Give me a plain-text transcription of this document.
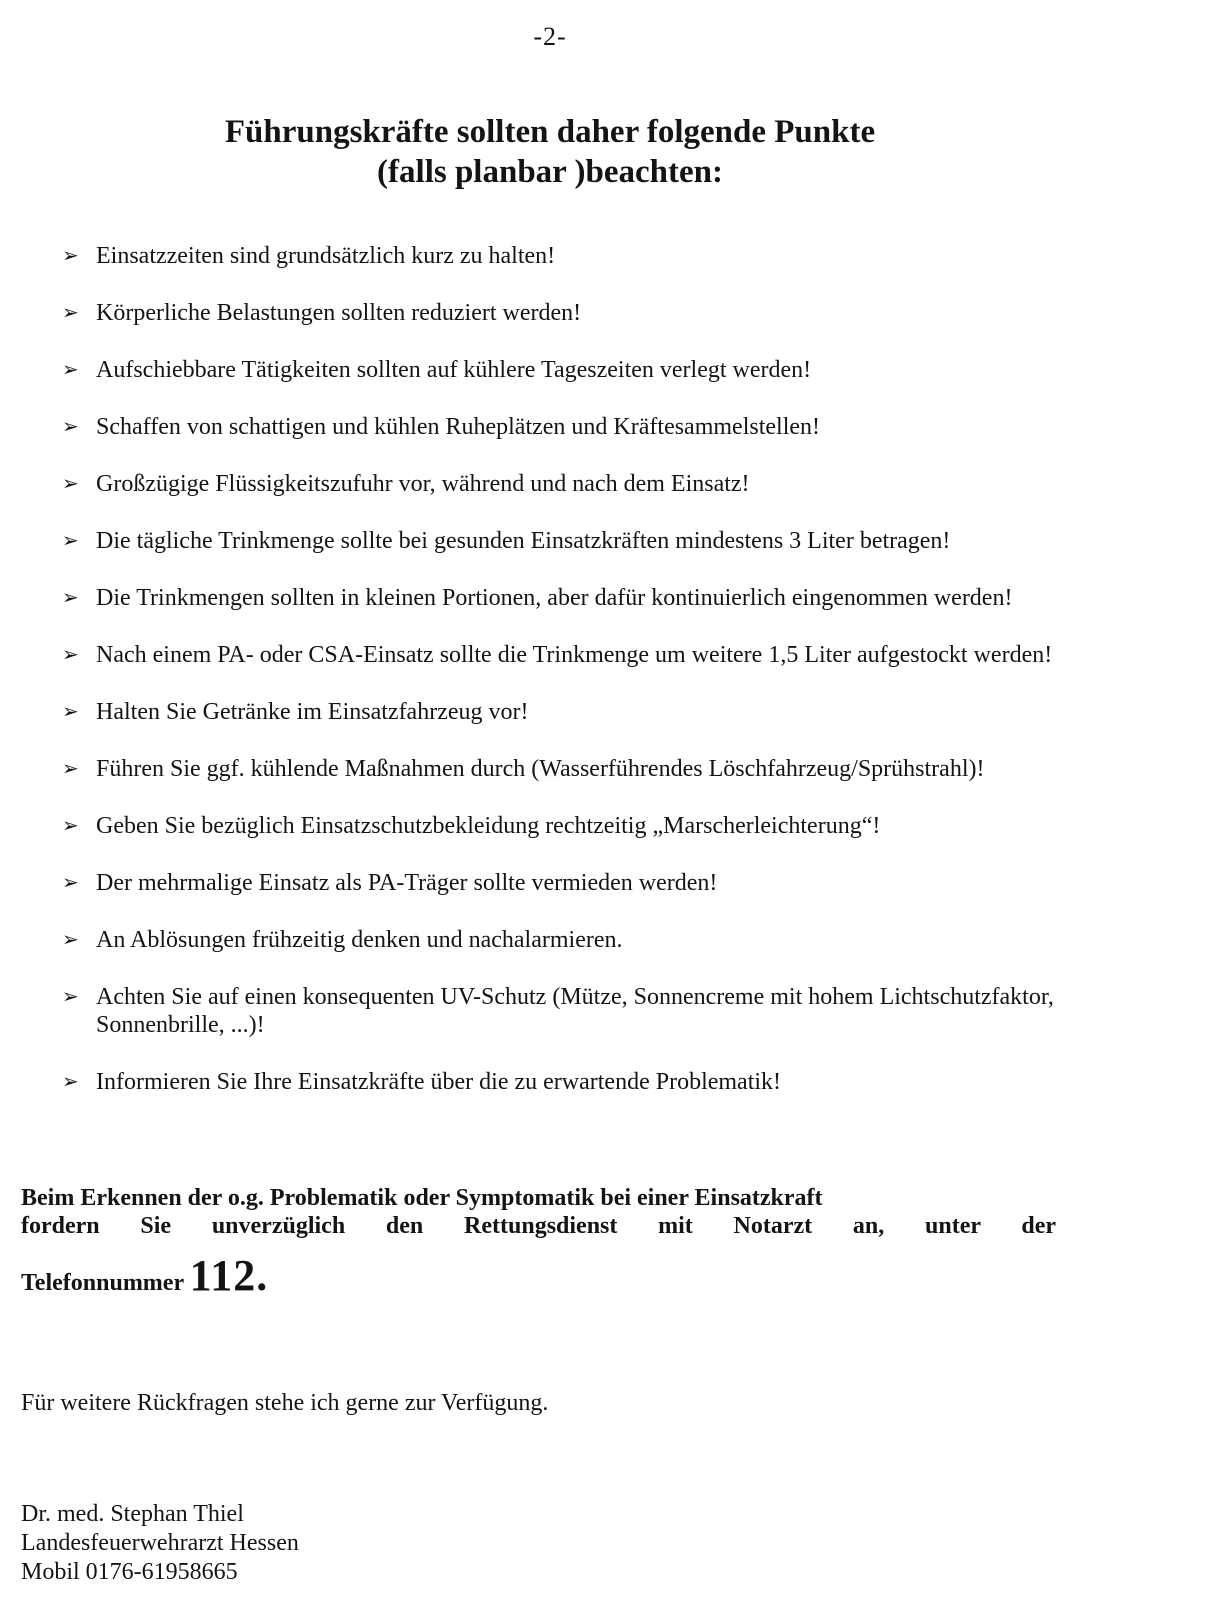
-2-
Führungskräfte sollten daher folgende Punkte
(falls planbar )beachten:
➢ Einsatzzeiten sind grundsätzlich kurz zu halten!
➢ Körperliche Belastungen sollten reduziert werden!
➢ Aufschiebbare Tätigkeiten sollten auf kühlere Tageszeiten verlegt werden!
➢ Schaffen von schattigen und kühlen Ruheplätzen und Kräftesammelstellen!
➢ Großzügige Flüssigkeitszufuhr vor, während und nach dem Einsatz!
➢ Die tägliche Trinkmenge sollte bei gesunden Einsatzkräften mindestens 3 Liter betragen!
➢ Die Trinkmengen sollten in kleinen Portionen, aber dafür kontinuierlich eingenommen werden!
➢ Nach einem PA- oder CSA-Einsatz sollte die Trinkmenge um weitere 1,5 Liter aufgestockt werden!
➢ Halten Sie Getränke im Einsatzfahrzeug vor!
➢ Führen Sie ggf. kühlende Maßnahmen durch (Wasserführendes Löschfahrzeug/Sprühstrahl)!
➢ Geben Sie bezüglich Einsatzschutzbekleidung rechtzeitig „Marscherleichterung“!
➢ Der mehrmalige Einsatz als PA-Träger sollte vermieden werden!
➢ An Ablösungen frühzeitig denken und nachalarmieren.
➢ Achten Sie auf einen konsequenten UV-Schutz (Mütze, Sonnencreme mit hohem Lichtschutzfaktor, Sonnenbrille, ...)!
➢ Informieren Sie Ihre Einsatzkräfte über die zu erwartende Problematik!
Beim Erkennen der o.g. Problematik oder Symptomatik bei einer Einsatzkraft
fordern Sie unverzüglich den Rettungsdienst mit Notarzt an, unter der
Telefonnummer 112.
Für weitere Rückfragen stehe ich gerne zur Verfügung.
Dr. med. Stephan Thiel
Landesfeuerwehrarzt Hessen
Mobil 0176-61958665
